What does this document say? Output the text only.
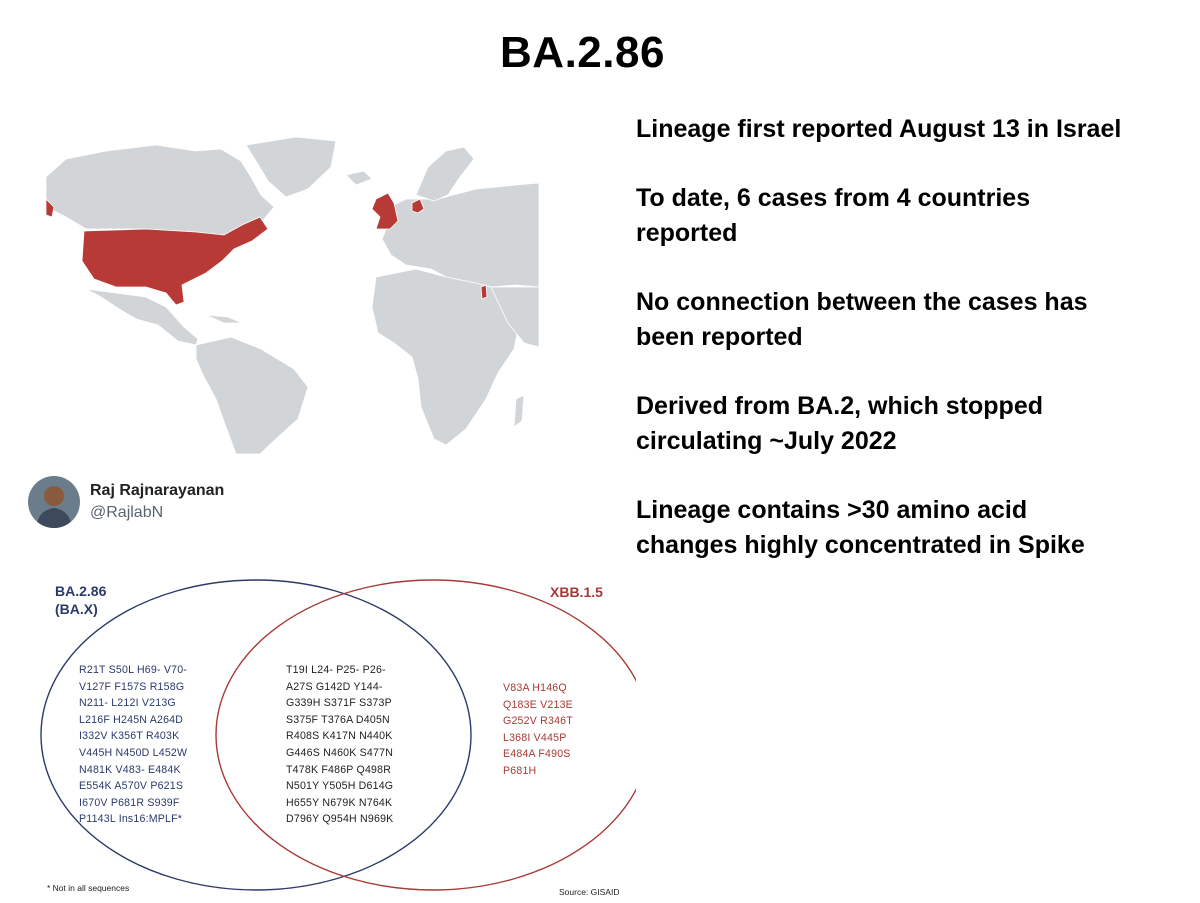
BA.2.86
Lineage first reported August 13 in Israel
To date, 6 cases from 4 countries reported
No connection between the cases has been reported
Derived from BA.2, which stopped circulating ~July 2022
Lineage contains >30 amino acid changes highly concentrated in Spike
Raj Rajnarayanan
@RajlabN
BA.2.86
(BA.X)
XBB.1.5
R21T S50L H69- V70-
V127F F157S R158G
N211- L212I V213G
L216F H245N A264D
I332V K356T R403K
V445H N450D L452W
N481K V483- E484K
E554K A570V P621S
I670V P681R S939F
P1143L Ins16:MPLF*
T19I L24- P25- P26-
A27S G142D Y144-
G339H S371F S373P
S375F T376A D405N
R408S K417N N440K
G446S N460K S477N
T478K F486P Q498R
N501Y Y505H D614G
H655Y N679K N764K
D796Y Q954H N969K
V83A H146Q
Q183E V213E
G252V R346T
L368I V445P
E484A F490S
P681H
* Not in all sequences	Source: GISAID
